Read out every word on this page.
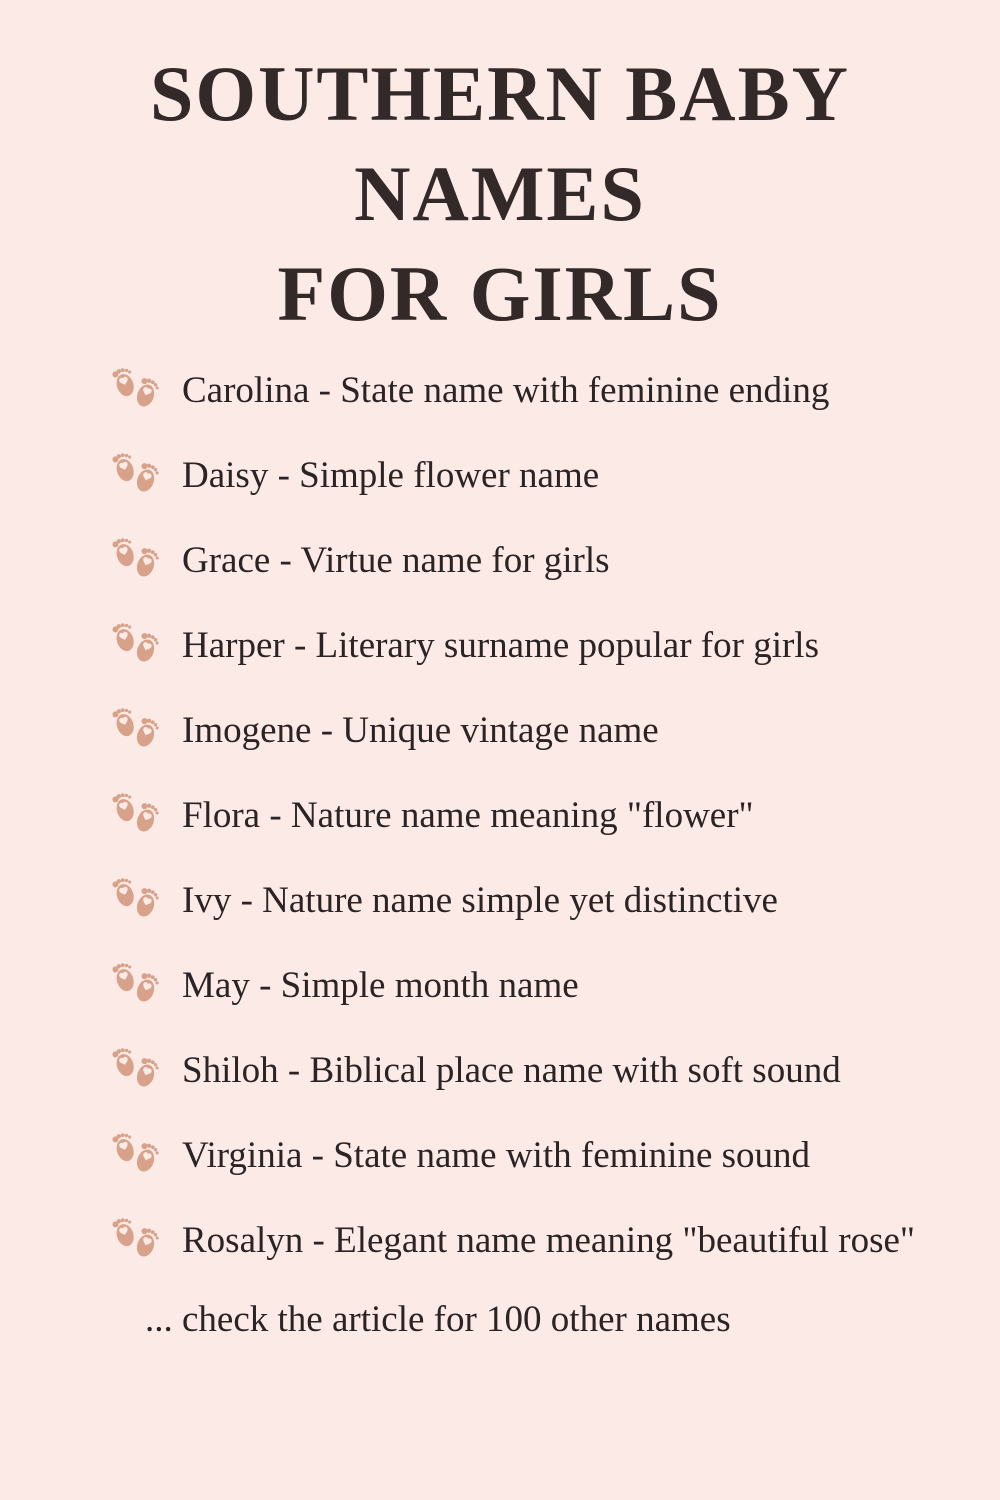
SOUTHERN BABY
NAMES
FOR GIRLS
Carolina - State name with feminine ending
Daisy - Simple flower name
Grace - Virtue name for girls
Harper - Literary surname popular for girls
Imogene - Unique vintage name
Flora - Nature name meaning "flower"
Ivy - Nature name simple yet distinctive
May - Simple month name
Shiloh - Biblical place name with soft sound
Virginia - State name with feminine sound
Rosalyn - Elegant name meaning "beautiful rose"

... check the article for 100 other names
